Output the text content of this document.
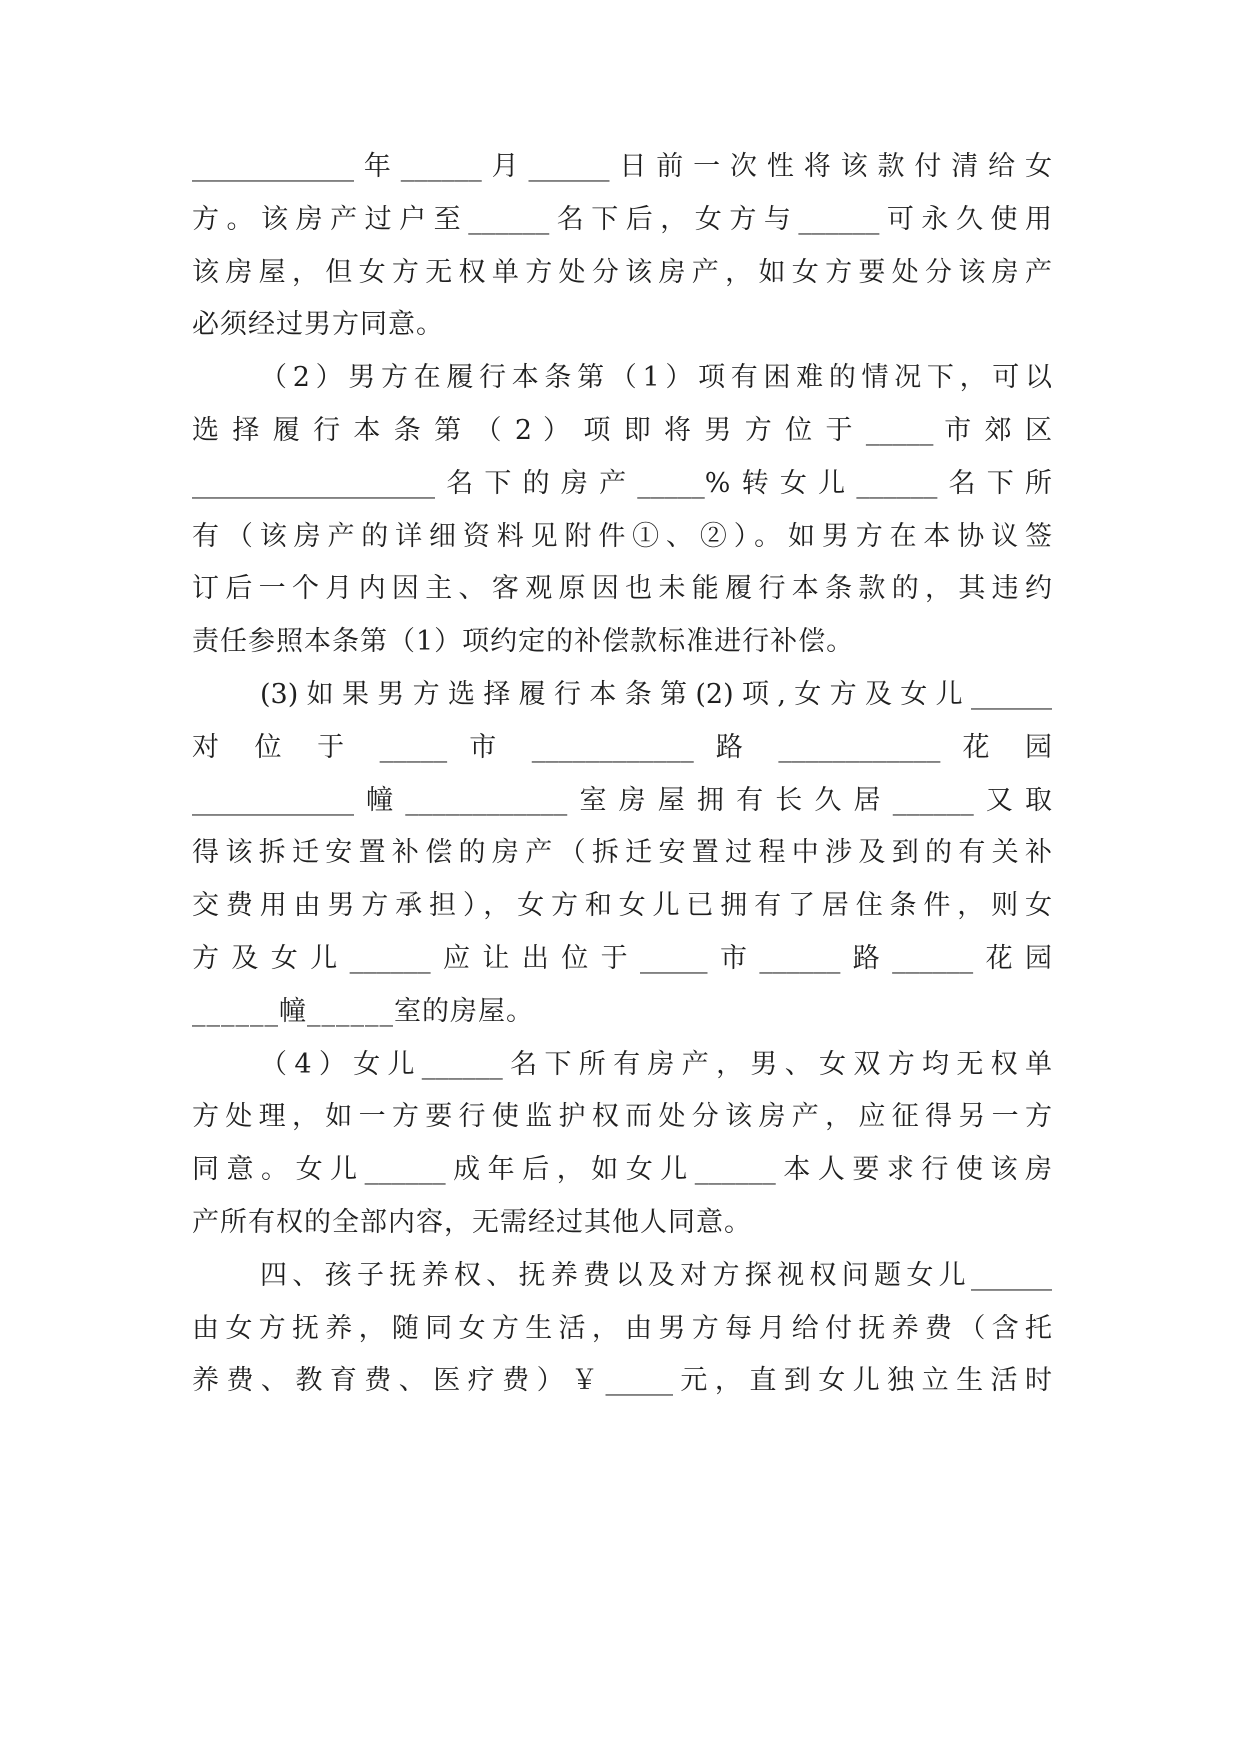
____________年______月______日前一次性将该款付清给女
方。该房产过户至______名下后，女方与______可永久使用
该房屋，但女方无权单方处分该房产，如女方要处分该房产
必须经过男方同意。
（2）男方在履行本条第（1）项有困难的情况下，可以
选 择 履 行 本 条 第 （ 2 ） 项 即 将 男 方 位 于 _____ 市 郊 区
__________________名下的房产_____%转女儿______名下所
有（该房产的详细资料见附件①、②）。如男方在本协议签
订后一个月内因主、客观原因也未能履行本条款的，其违约
责任参照本条第（1）项约定的补偿款标准进行补偿。
(3)如果男方选择履行本条第(2)项,女方及女儿______
对 位 于 _____ 市 ____________ 路 ____________ 花 园
____________幢____________室房屋拥有长久居______又取
得该拆迁安置补偿的房产（拆迁安置过程中涉及到的有关补
交费用由男方承担），女方和女儿已拥有了居住条件，则女
方及女儿______应让出位于_____市______路______花园
______幢______室的房屋。
（4）女儿______名下所有房产，男、女双方均无权单
方处理，如一方要行使监护权而处分该房产，应征得另一方
同意。女儿______成年后，如女儿______本人要求行使该房
产所有权的全部内容，无需经过其他人同意。
四、孩子抚养权、抚养费以及对方探视权问题女儿______
由女方抚养，随同女方生活，由男方每月给付抚养费（含托
养费、教育费、医疗费）￥_____元，直到女儿独立生活时
